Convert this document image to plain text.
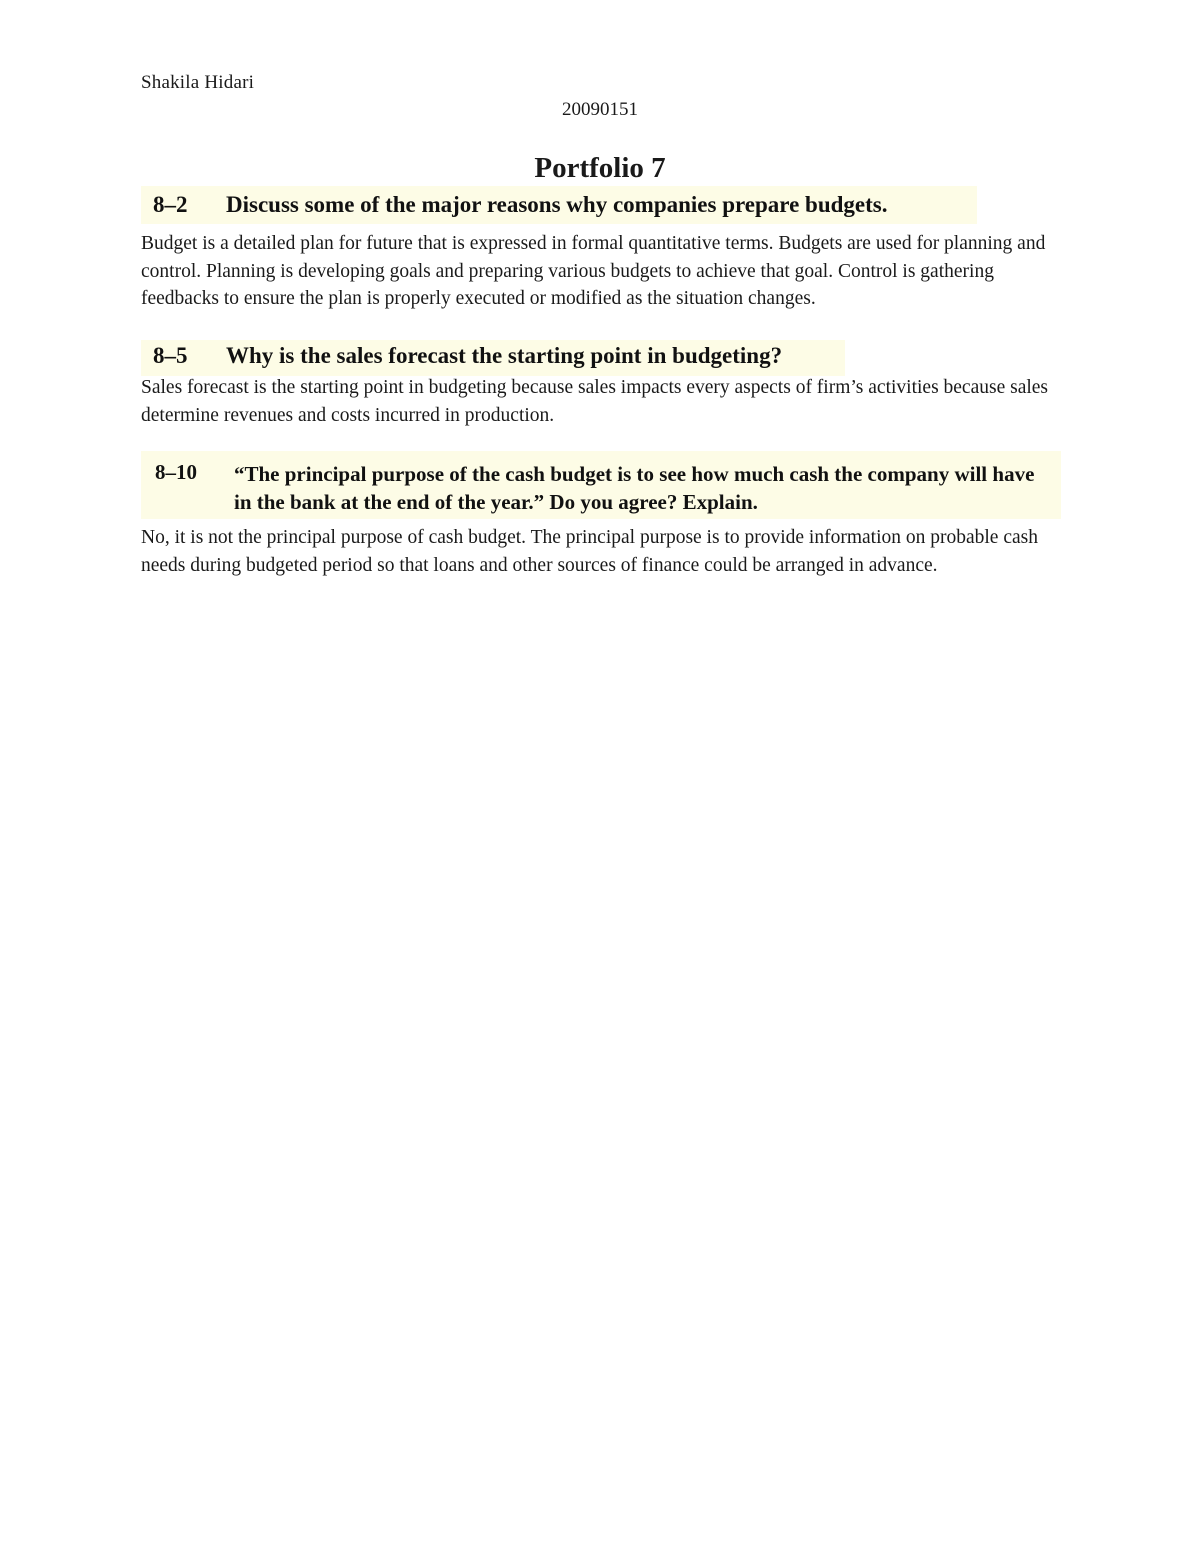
Shakila Hidari
20090151
Portfolio 7
8–2 Discuss some of the major reasons why companies prepare budgets.

Budget is a detailed plan for future that is expressed in formal quantitative terms. Budgets are used for planning and control. Planning is developing goals and preparing various budgets to achieve that goal. Control is gathering feedbacks to ensure the plan is properly executed or modified as the situation changes.

8–5 Why is the sales forecast the starting point in budgeting?

Sales forecast is the starting point in budgeting because sales impacts every aspects of firm’s activities because sales determine revenues and costs incurred in production.

8–10 “The principal purpose of the cash budget is to see how much cash the company will have in the bank at the end of the year.” Do you agree? Explain.

No, it is not the principal purpose of cash budget. The principal purpose is to provide information on probable cash needs during budgeted period so that loans and other sources of finance could be arranged in advance.
